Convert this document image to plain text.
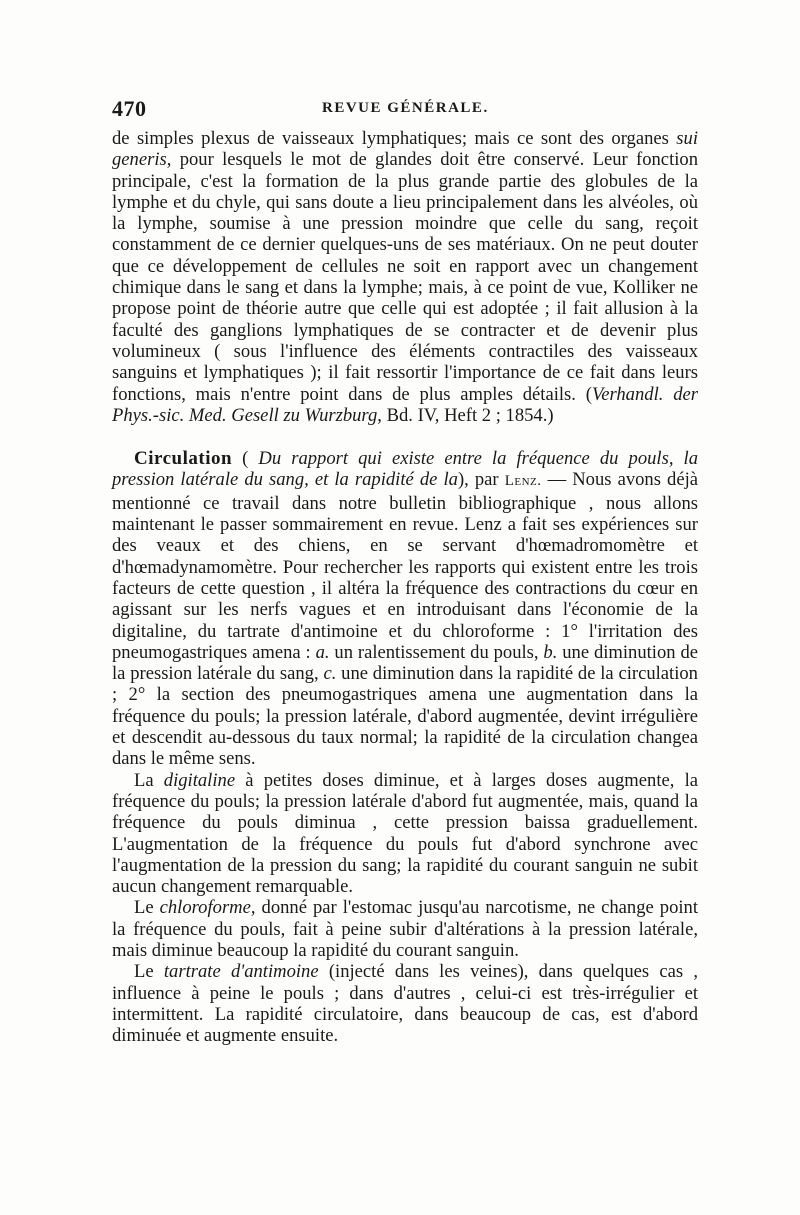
470	REVUE GÉNÉRALE.

de simples plexus de vaisseaux lymphatiques; mais ce sont des organes sui generis, pour lesquels le mot de glandes doit être conservé. Leur fonction principale, c'est la formation de la plus grande partie des globules de la lymphe et du chyle, qui sans doute a lieu principalement dans les alvéoles, où la lymphe, soumise à une pression moindre que celle du sang, reçoit constamment de ce dernier quelques-uns de ses matériaux. On ne peut douter que ce développement de cellules ne soit en rapport avec un changement chimique dans le sang et dans la lymphe; mais, à ce point de vue, Kolliker ne propose point de théorie autre que celle qui est adoptée ; il fait allusion à la faculté des ganglions lymphatiques de se contracter et de devenir plus volumineux ( sous l'influence des éléments contractiles des vaisseaux sanguins et lymphatiques ); il fait ressortir l'importance de ce fait dans leurs fonctions, mais n'entre point dans de plus amples détails. (Verhandl. der Phys.-sic. Med. Gesell zu Wurzburg, Bd. IV, Heft 2 ; 1854.)

Circulation ( Du rapport qui existe entre la fréquence du pouls, la pression latérale du sang, et la rapidité de la), par Lenz. — Nous avons déjà mentionné ce travail dans notre bulletin bibliographique , nous allons maintenant le passer sommairement en revue. Lenz a fait ses expériences sur des veaux et des chiens, en se servant d'hœmadromomètre et d'hœmadynamomètre. Pour rechercher les rapports qui existent entre les trois facteurs de cette question , il altéra la fréquence des contractions du cœur en agissant sur les nerfs vagues et en introduisant dans l'économie de la digitaline, du tartrate d'antimoine et du chloroforme : 1° l'irritation des pneumogastriques amena : a. un ralentissement du pouls, b. une diminution de la pression latérale du sang, c. une diminution dans la rapidité de la circulation ; 2° la section des pneumogastriques amena une augmentation dans la fréquence du pouls; la pression latérale, d'abord augmentée, devint irrégulière et descendit au-dessous du taux normal; la rapidité de la circulation changea dans le même sens.

La digitaline à petites doses diminue, et à larges doses augmente, la fréquence du pouls; la pression latérale d'abord fut augmentée, mais, quand la fréquence du pouls diminua , cette pression baissa graduellement. L'augmentation de la fréquence du pouls fut d'abord synchrone avec l'augmentation de la pression du sang; la rapidité du courant sanguin ne subit aucun changement remarquable.

Le chloroforme, donné par l'estomac jusqu'au narcotisme, ne change point la fréquence du pouls, fait à peine subir d'altérations à la pression latérale, mais diminue beaucoup la rapidité du courant sanguin.

Le tartrate d'antimoine (injecté dans les veines), dans quelques cas , influence à peine le pouls ; dans d'autres , celui-ci est très-irrégulier et intermittent. La rapidité circulatoire, dans beaucoup de cas, est d'abord diminuée et augmente ensuite.
